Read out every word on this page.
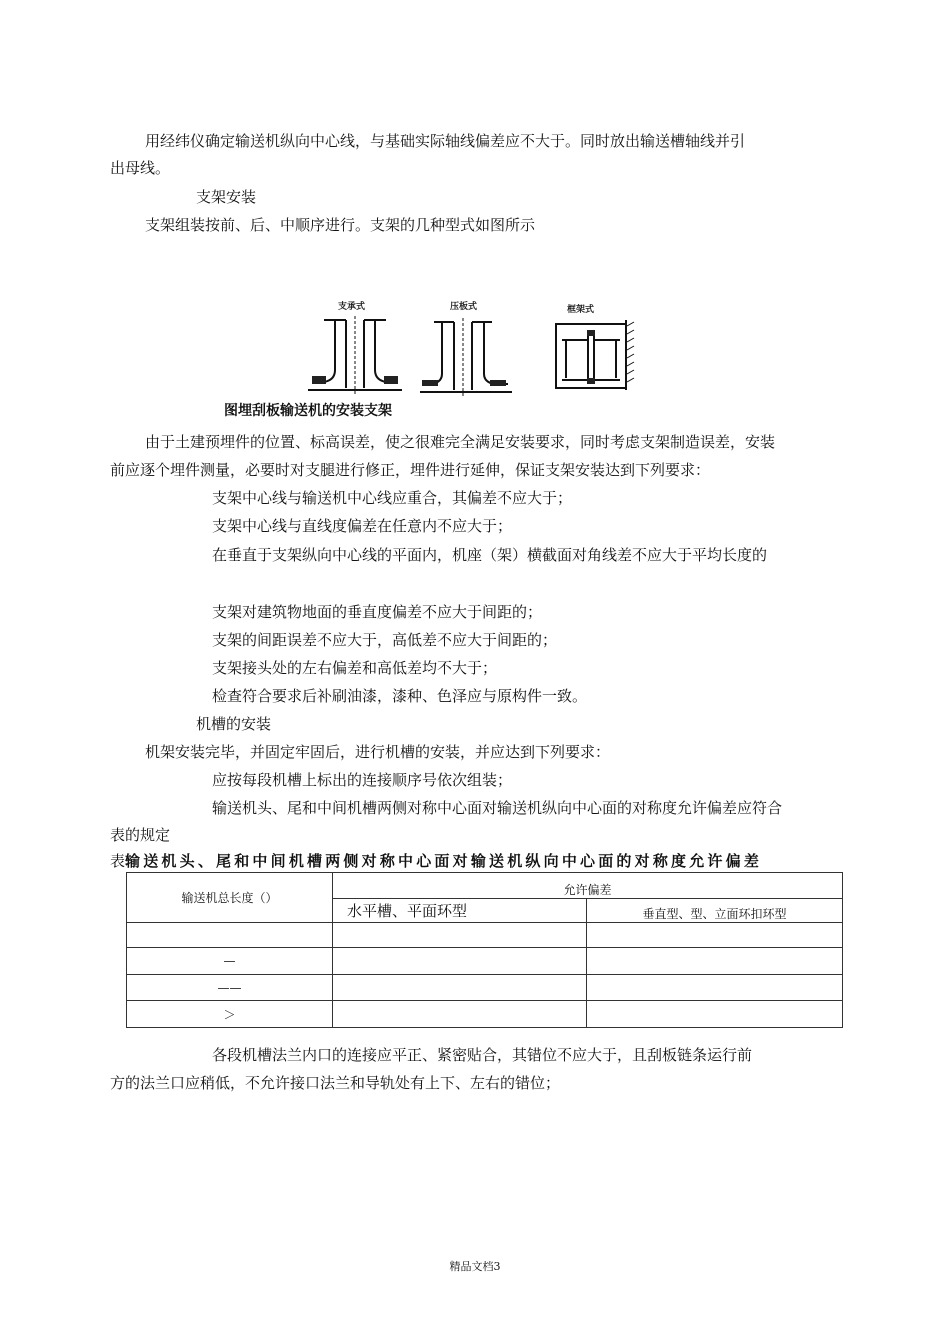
用经纬仪确定输送机纵向中心线，与基础实际轴线偏差应不大于。同时放出输送槽轴线并引
出母线。
支架安装
支架组装按前、后、中顺序进行。支架的几种型式如图所示
支承式	压板式	框架式
图埋刮板输送机的安装支架
由于土建预埋件的位置、标高误差，使之很难完全满足安装要求，同时考虑支架制造误差，安装
前应逐个埋件测量，必要时对支腿进行修正，埋件进行延伸，保证支架安装达到下列要求：
支架中心线与输送机中心线应重合，其偏差不应大于；
支架中心线与直线度偏差在任意内不应大于；
在垂直于支架纵向中心线的平面内，机座（架）横截面对角线差不应大于平均长度的
支架对建筑物地面的垂直度偏差不应大于间距的；
支架的间距误差不应大于，高低差不应大于间距的；
支架接头处的左右偏差和高低差均不大于；
检查符合要求后补刷油漆，漆种、色泽应与原构件一致。
机槽的安装
机架安装完毕，并固定牢固后，进行机槽的安装，并应达到下列要求：
应按每段机槽上标出的连接顺序号依次组装；
输送机头、尾和中间机槽两侧对称中心面对输送机纵向中心面的对称度允许偏差应符合
表的规定
表输送机头、尾和中间机槽两侧对称中心面对输送机纵向中心面的对称度允许偏差
输送机总长度（）	允许偏差	
	水平槽、平面环型	垂直型、型、立面环扣环型

—		
——		
＞		
各段机槽法兰内口的连接应平正、紧密贴合，其错位不应大于，且刮板链条运行前
方的法兰口应稍低，不允许接口法兰和导轨处有上下、左右的错位；
精品文档3
